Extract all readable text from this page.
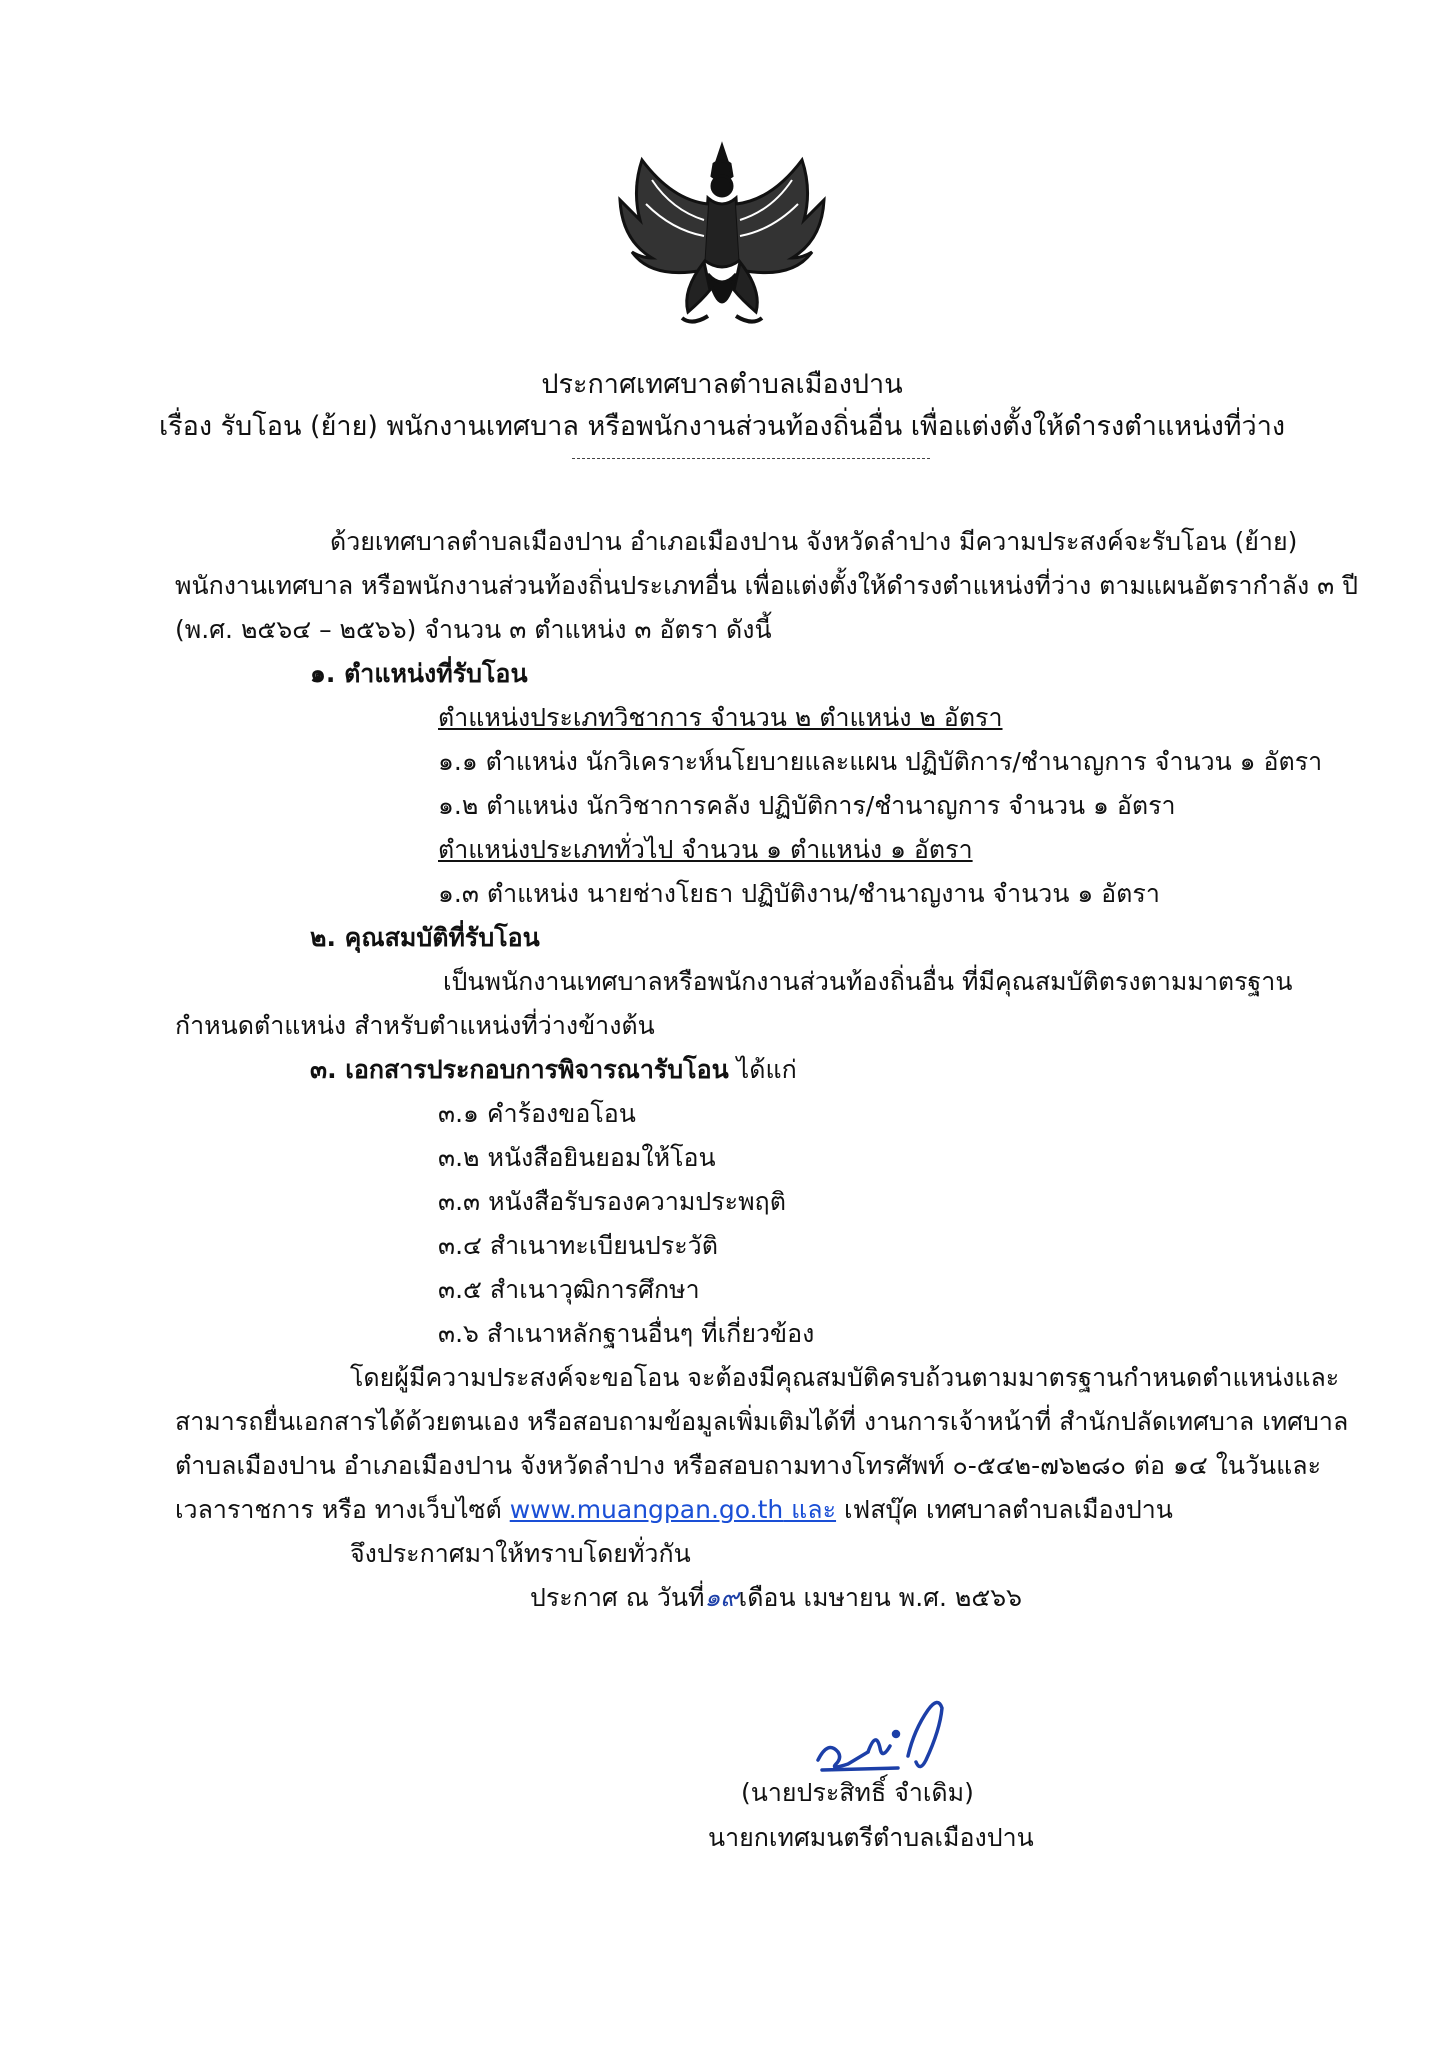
ประกาศเทศบาลตำบลเมืองปาน
เรื่อง รับโอน (ย้าย) พนักงานเทศบาล หรือพนักงานส่วนท้องถิ่นอื่น เพื่อแต่งตั้งให้ดำรงตำแหน่งที่ว่าง
ด้วยเทศบาลตำบลเมืองปาน อำเภอเมืองปาน จังหวัดลำปาง มีความประสงค์จะรับโอน (ย้าย)
พนักงานเทศบาล หรือพนักงานส่วนท้องถิ่นประเภทอื่น เพื่อแต่งตั้งให้ดำรงตำแหน่งที่ว่าง ตามแผนอัตรากำลัง ๓ ปี
(พ.ศ. ๒๕๖๔ – ๒๕๖๖) จำนวน ๓ ตำแหน่ง ๓ อัตรา ดังนี้
๑. ตำแหน่งที่รับโอน
ตำแหน่งประเภทวิชาการ จำนวน ๒ ตำแหน่ง ๒ อัตรา
๑.๑ ตำแหน่ง นักวิเคราะห์นโยบายและแผน ปฏิบัติการ/ชำนาญการ จำนวน ๑ อัตรา
๑.๒ ตำแหน่ง นักวิชาการคลัง ปฏิบัติการ/ชำนาญการ จำนวน ๑ อัตรา
ตำแหน่งประเภททั่วไป จำนวน ๑ ตำแหน่ง ๑ อัตรา
๑.๓ ตำแหน่ง นายช่างโยธา ปฏิบัติงาน/ชำนาญงาน จำนวน ๑ อัตรา
๒. คุณสมบัติที่รับโอน
เป็นพนักงานเทศบาลหรือพนักงานส่วนท้องถิ่นอื่น ที่มีคุณสมบัติตรงตามมาตรฐาน
กำหนดตำแหน่ง สำหรับตำแหน่งที่ว่างข้างต้น
๓. เอกสารประกอบการพิจารณารับโอน ได้แก่
๓.๑ คำร้องขอโอน
๓.๒ หนังสือยินยอมให้โอน
๓.๓ หนังสือรับรองความประพฤติ
๓.๔ สำเนาทะเบียนประวัติ
๓.๕ สำเนาวุฒิการศึกษา
๓.๖ สำเนาหลักฐานอื่นๆ ที่เกี่ยวข้อง
โดยผู้มีความประสงค์จะขอโอน จะต้องมีคุณสมบัติครบถ้วนตามมาตรฐานกำหนดตำแหน่งและ
สามารถยื่นเอกสารได้ด้วยตนเอง หรือสอบถามข้อมูลเพิ่มเติมได้ที่ งานการเจ้าหน้าที่ สำนักปลัดเทศบาล เทศบาล
ตำบลเมืองปาน อำเภอเมืองปาน จังหวัดลำปาง หรือสอบถามทางโทรศัพท์ ๐-๕๔๒-๗๖๒๘๐ ต่อ ๑๔ ในวันและ
เวลาราชการ หรือ ทางเว็บไซต์ www.muangpan.go.th และ เฟสบุ๊ค เทศบาลตำบลเมืองปาน
จึงประกาศมาให้ทราบโดยทั่วกัน
ประกาศ ณ วันที่๑๙เดือน เมษายน พ.ศ. ๒๕๖๖
(นายประสิทธิ์ จำเดิม)
นายกเทศมนตรีตำบลเมืองปาน
